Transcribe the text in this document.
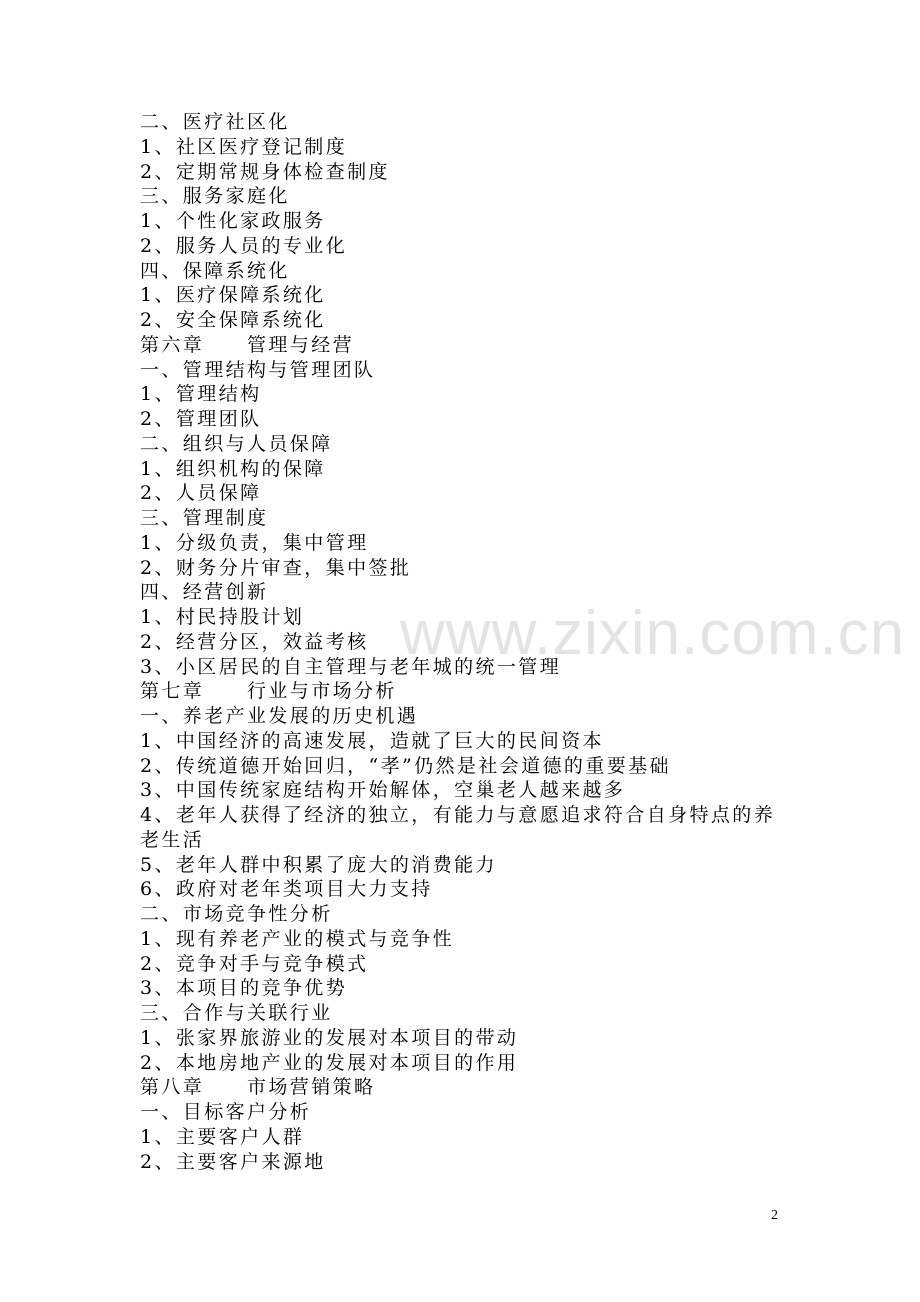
二、医疗社区化

1、社区医疗登记制度

2、定期常规身体检查制度

三、服务家庭化

1、个性化家政服务

2、服务人员的专业化

四、保障系统化

1、医疗保障系统化

2、安全保障系统化

第六章　　管理与经营

一、管理结构与管理团队

1、管理结构

2、管理团队

二、组织与人员保障

1、组织机构的保障

2、人员保障

三、管理制度

1、分级负责，集中管理

2、财务分片审查，集中签批

四、经营创新

1、村民持股计划

2、经营分区，效益考核

3、小区居民的自主管理与老年城的统一管理

第七章　　行业与市场分析

一、养老产业发展的历史机遇

1、中国经济的高速发展，造就了巨大的民间资本

2、传统道德开始回归，“孝”仍然是社会道德的重要基础

3、中国传统家庭结构开始解体，空巢老人越来越多

4、老年人获得了经济的独立，有能力与意愿追求符合自身特点的养老生活

5、老年人群中积累了庞大的消费能力

6、政府对老年类项目大力支持

二、市场竞争性分析

1、现有养老产业的模式与竞争性

2、竞争对手与竞争模式

3、本项目的竞争优势

三、合作与关联行业

1、张家界旅游业的发展对本项目的带动

2、本地房地产业的发展对本项目的作用

第八章　　市场营销策略

一、目标客户分析

1、主要客户人群

2、主要客户来源地

www.zixin.com.cn
2
